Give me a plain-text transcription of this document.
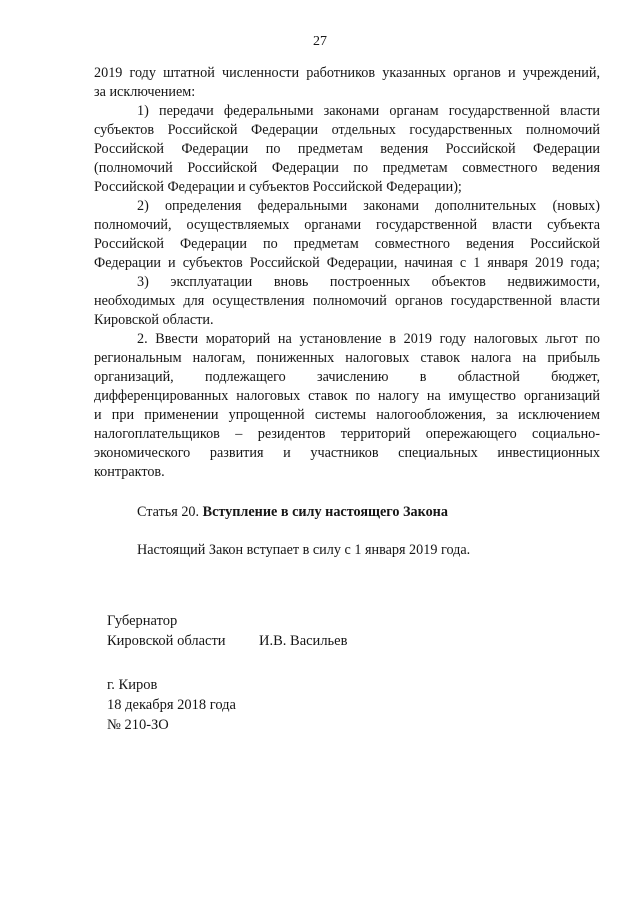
27
2019 году штатной численности работников указанных органов и учреждений,
за исключением:
1) передачи федеральными законами органам государственной власти
субъектов Российской Федерации отдельных государственных полномочий
Российской Федерации по предметам ведения Российской Федерации
(полномочий Российской Федерации по предметам совместного ведения
Российской Федерации и субъектов Российской Федерации);
2) определения федеральными законами дополнительных (новых)
полномочий, осуществляемых органами государственной власти субъекта
Российской Федерации по предметам совместного ведения Российской
Федерации и субъектов Российской Федерации, начиная с 1 января 2019 года;
3) эксплуатации вновь построенных объектов недвижимости,
необходимых для осуществления полномочий органов государственной власти
Кировской области.
2. Ввести мораторий на установление в 2019 году налоговых льгот по
региональным налогам, пониженных налоговых ставок налога на прибыль
организаций, подлежащего зачислению в областной бюджет,
дифференцированных налоговых ставок по налогу на имущество организаций
и при применении упрощенной системы налогообложения, за исключением
налогоплательщиков – резидентов территорий опережающего социально-
экономического развития и участников специальных инвестиционных
контрактов.
Статья 20. Вступление в силу настоящего Закона
Настоящий Закон вступает в силу с 1 января 2019 года.
Губернатор
Кировской области И.В. Васильев
г. Киров
18 декабря 2018 года
№ 210-ЗО
